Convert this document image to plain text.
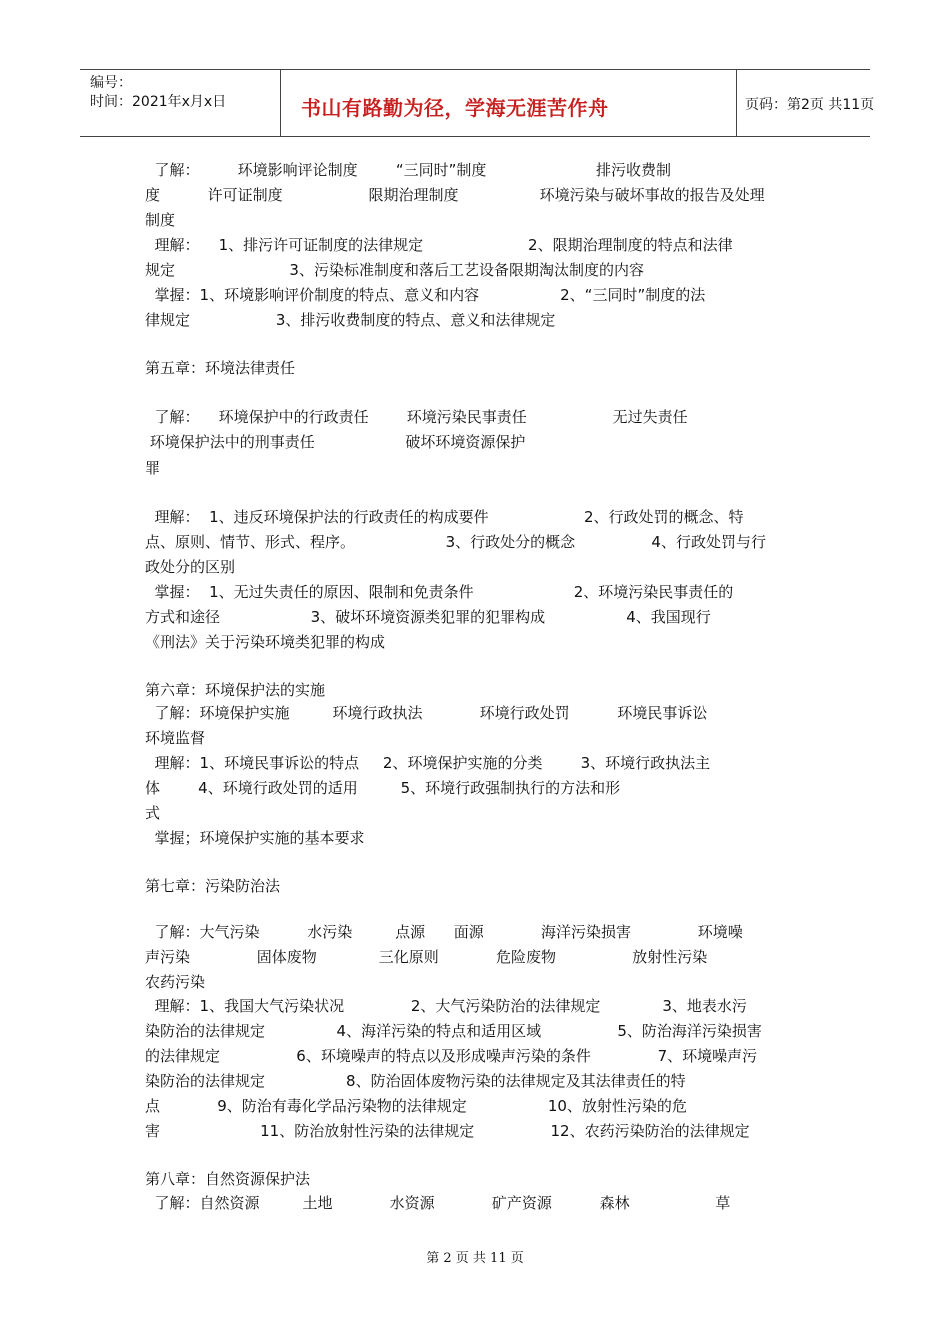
编号：
时间：2021年x月x日	书山有路勤为径，学海无涯苦作舟	页码：第2页 共11页
了解：        环境影响评论制度        “三同时”制度                       排污收费制
度          许可证制度                  限期治理制度                 环境污染与破坏事故的报告及处理
制度
理解：    1、排污许可证制度的法律规定                      2、限期治理制度的特点和法律
规定                        3、污染标准制度和落后工艺设备限期淘汰制度的内容
掌握：1、环境影响评价制度的特点、意义和内容                 2、“三同时”制度的法
律规定                  3、排污收费制度的特点、意义和法律规定
第五章：环境法律责任
了解：    环境保护中的行政责任        环境污染民事责任                  无过失责任
环境保护法中的刑事责任                   破坏环境资源保护
罪
理解：  1、违反环境保护法的行政责任的构成要件                    2、行政处罚的概念、特
点、原则、情节、形式、程序。                   3、行政处分的概念                4、行政处罚与行
政处分的区别
掌握：  1、无过失责任的原因、限制和免责条件                     2、环境污染民事责任的
方式和途径                   3、破坏环境资源类犯罪的犯罪构成                 4、我国现行
《刑法》关于污染环境类犯罪的构成
第六章：环境保护法的实施
了解：环境保护实施         环境行政执法            环境行政处罚          环境民事诉讼
环境监督
理解：1、环境民事诉讼的特点     2、环境保护实施的分类        3、环境行政执法主
体        4、环境行政处罚的适用         5、环境行政强制执行的方法和形
式
掌握；环境保护实施的基本要求
第七章：污染防治法
了解：大气污染          水污染         点源      面源            海洋污染损害              环境噪
声污染              固体废物             三化原则            危险废物                放射性污染
农药污染
理解：1、我国大气污染状况              2、大气污染防治的法律规定             3、地表水污
染防治的法律规定               4、海洋污染的特点和适用区域                5、防治海洋污染损害
的法律规定                6、环境噪声的特点以及形成噪声污染的条件              7、环境噪声污
染防治的法律规定                 8、防治固体废物污染的法律规定及其法律责任的特
点            9、防治有毒化学品污染物的法律规定                 10、放射性污染的危
害                     11、防治放射性污染的法律规定                12、农药污染防治的法律规定
第八章：自然资源保护法
了解：自然资源         土地            水资源            矿产资源          森林                  草
第 2 页 共 11 页
